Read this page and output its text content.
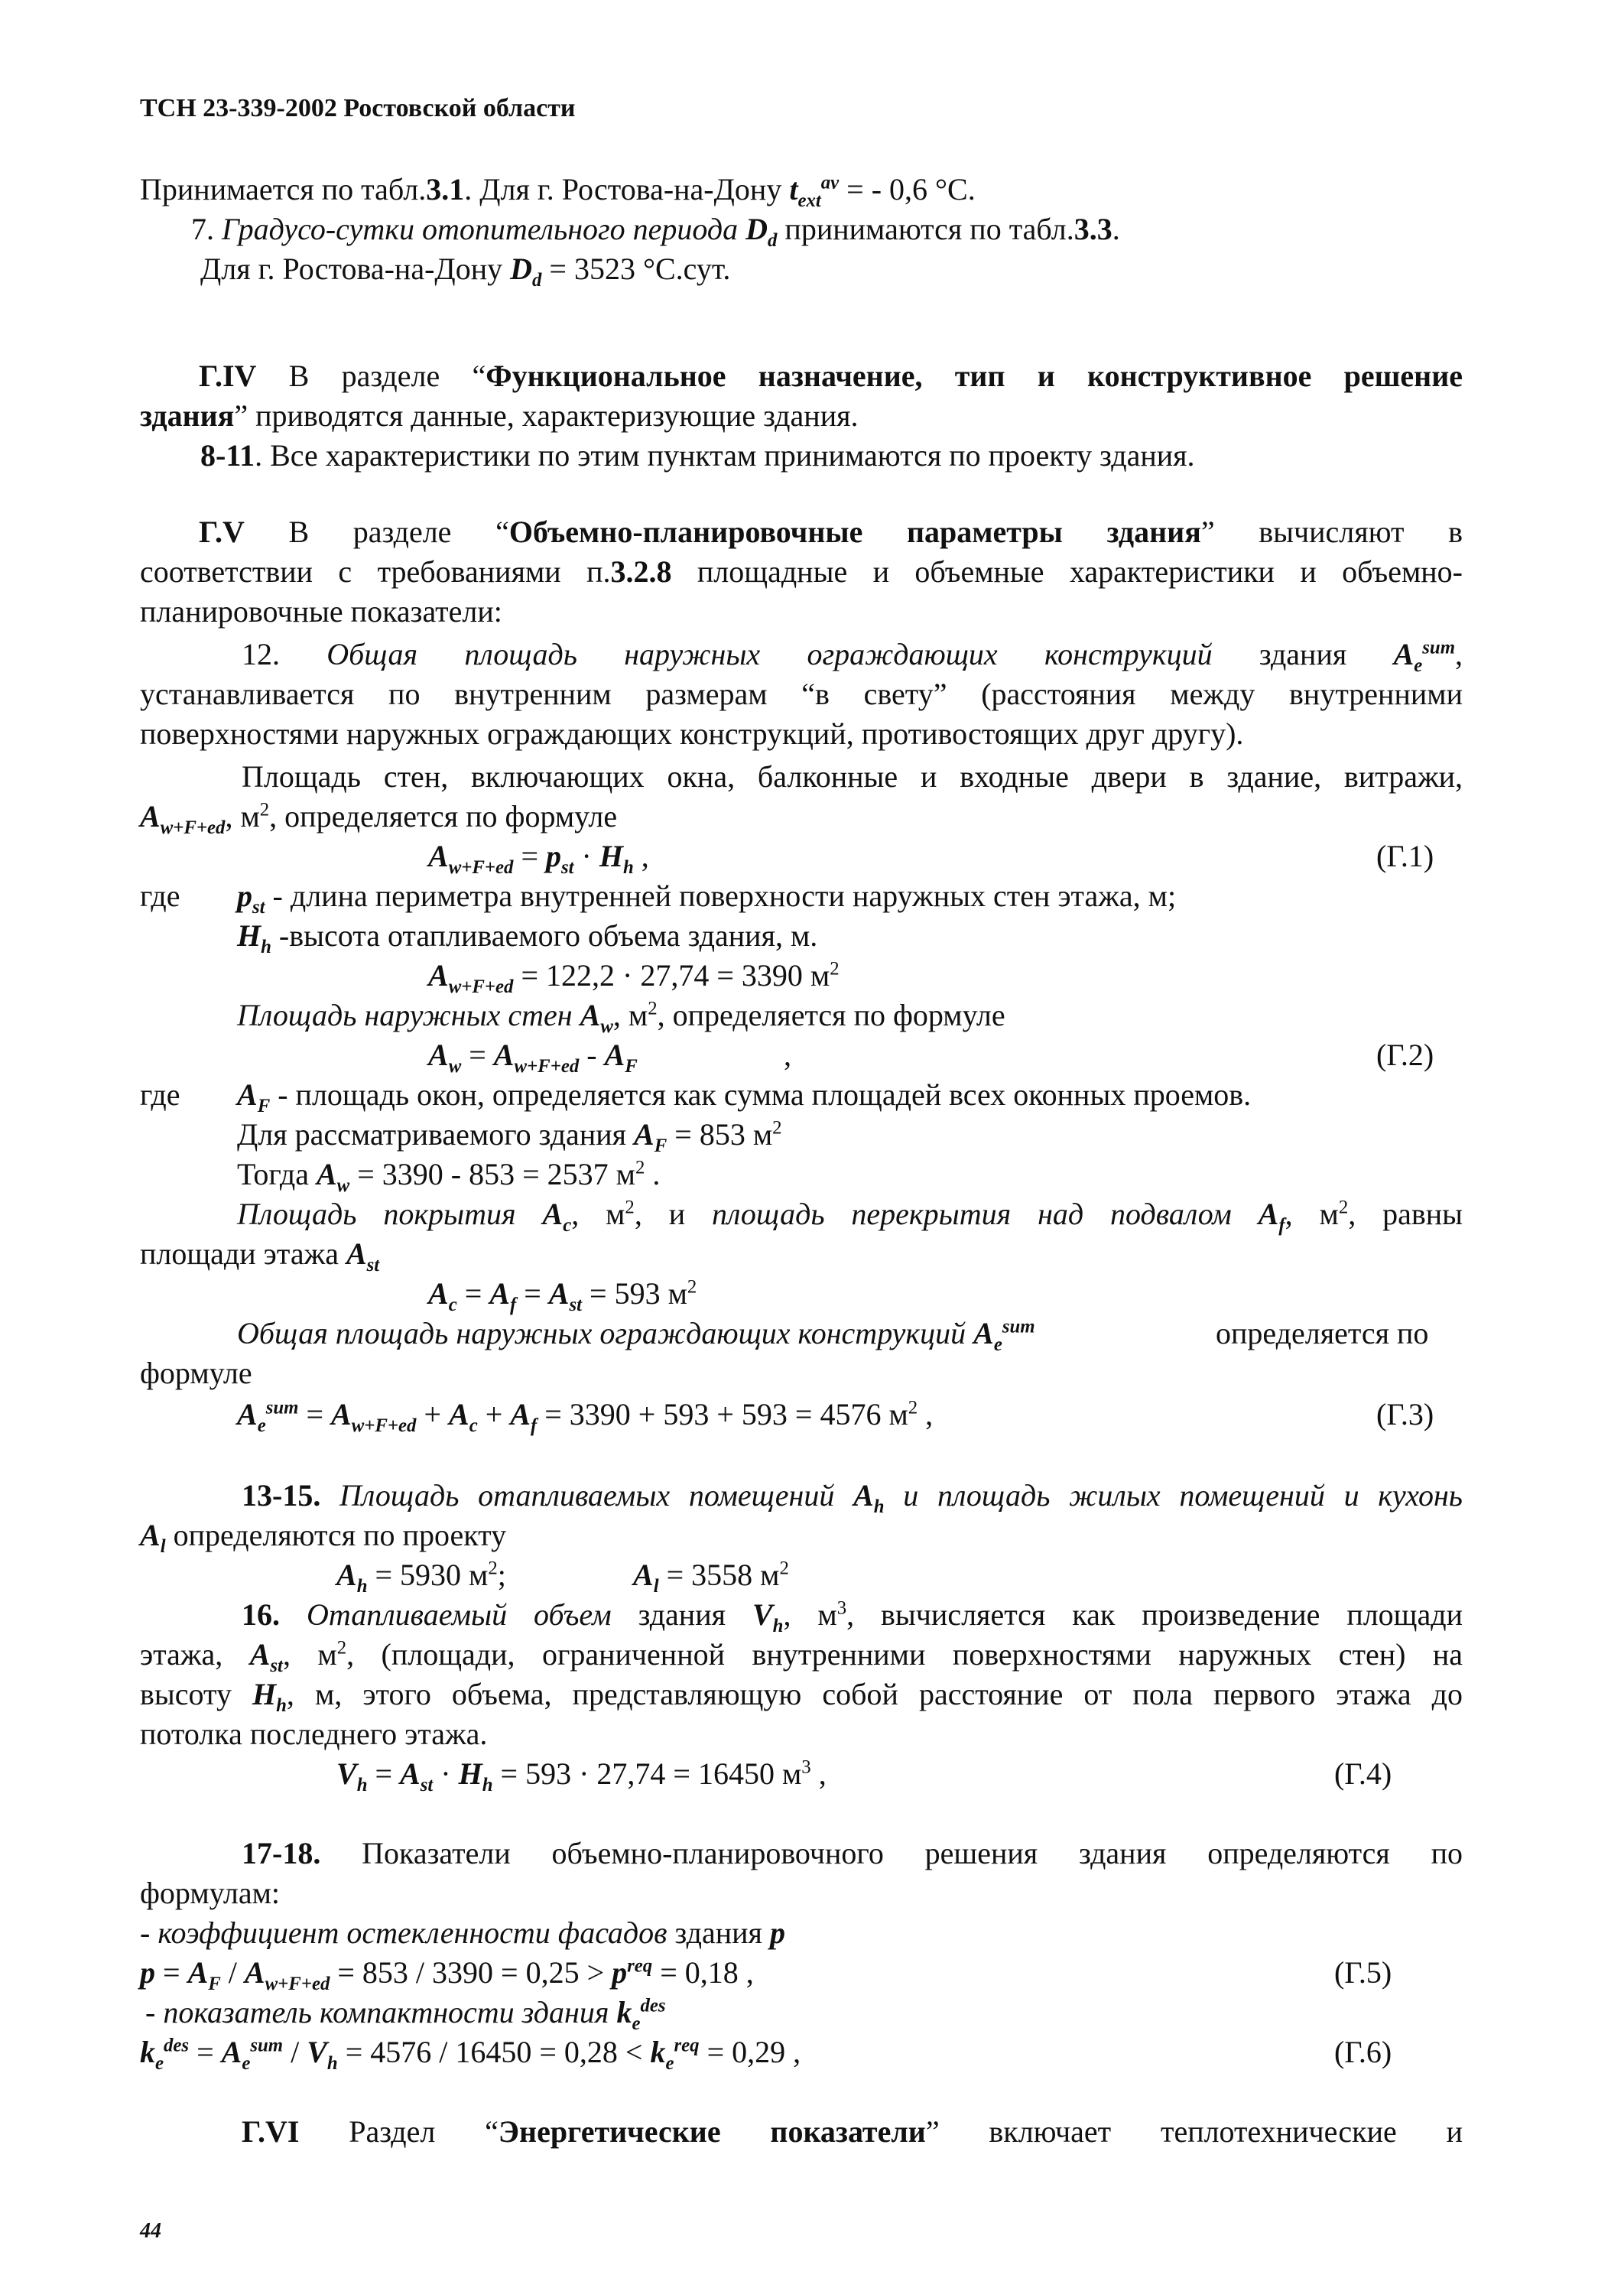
ТСН 23-339-2002 Ростовской области
Принимается по табл.3.1. Для г. Ростова-на-Дону $t_{ext}^{av}$ = - 0,6 °С.
7. Градусо-сутки отопительного периода $D_d$ принимаются по табл.3.3.
Для г. Ростова-на-Дону $D_d = 3523$ °С.сут.
Г.IV В разделе “Функциональное назначение, тип и конструктивное решение
здания” приводятся данные, характеризующие здания.
8-11. Все характеристики по этим пунктам принимаются по проекту здания.
Г.V В разделе “Объемно-планировочные параметры здания” вычисляют в
соответствии с требованиями п.3.2.8 площадные и объемные характеристики и объемно-
планировочные показатели:
12. Общая площадь наружных ограждающих конструкций здания $A_e^{sum}$,
устанавливается по внутренним размерам “в свету” (расстояния между внутренними
поверхностями наружных ограждающих конструкций, противостоящих друг другу).
Площадь стен, включающих окна, балконные и входные двери в здание, витражи,
$A_{w+F+ed}$, $м^2$, определяется по формуле
$A_{w+F+ed} = p_{st} \cdot H_h$ ,	(Г.1)
где $p_{st}$ - длина периметра внутренней поверхности наружных стен этажа, м;
$H_h$ -высота отапливаемого объема здания, м.
$A_{w+F+ed} = 122,2 \cdot 27,74 = 3390$ $м^2$
Площадь наружных стен $A_w$, $м^2$, определяется по формуле
$A_w = A_{w+F+ed} - A_F$	,	(Г.2)
где $A_F$ - площадь окон, определяется как сумма площадей всех оконных проемов.
Для рассматриваемого здания $A_F = 853$ $м^2$
Тогда $A_w = 3390 - 853 = 2537$ $м^2$ .
Площадь покрытия $A_c$, $м^2$, и площадь перекрытия над подвалом $A_f$, $м^2$, равны
площади этажа $A_{st}$
$A_c = A_f = A_{st} = 593$ $м^2$
Общая площадь наружных ограждающих конструкций $A_e^{sum}$	определяется по
формуле
$A_e^{sum} = A_{w+F+ed} + A_c + A_f = 3390 + 593 + 593 = 4576$ $м^2$ ,	(Г.3)
13-15. Площадь отапливаемых помещений $A_h$ и площадь жилых помещений и кухонь
$A_l$ определяются по проекту
$A_h = 5930$ $м^2$;	$A_l = 3558$ $м^2$
16. Отапливаемый объем здания $V_h$, $м^3$, вычисляется как произведение площади
этажа, $A_{st}$, $м^2$, (площади, ограниченной внутренними поверхностями наружных стен) на
высоту $H_h$, м, этого объема, представляющую собой расстояние от пола первого этажа до
потолка последнего этажа.
$V_h = A_{st} \cdot H_h = 593 \cdot 27,74 = 16450$ $м^3$ ,	(Г.4)
17-18. Показатели объемно-планировочного решения здания определяются по
формулам:
- коэффициент остекленности фасадов здания p
$p = A_F / A_{w+F+ed} = 853 / 3390 = 0,25 > p^{req} = 0,18$ ,	(Г.5)
- показатель компактности здания $k_e^{des}$
$k_e^{des} = A_e^{sum} / V_h = 4576 / 16450 = 0,28 < k_e^{req} = 0,29$ ,	(Г.6)
Г.VI Раздел “Энергетические показатели” включает теплотехнические и
44
